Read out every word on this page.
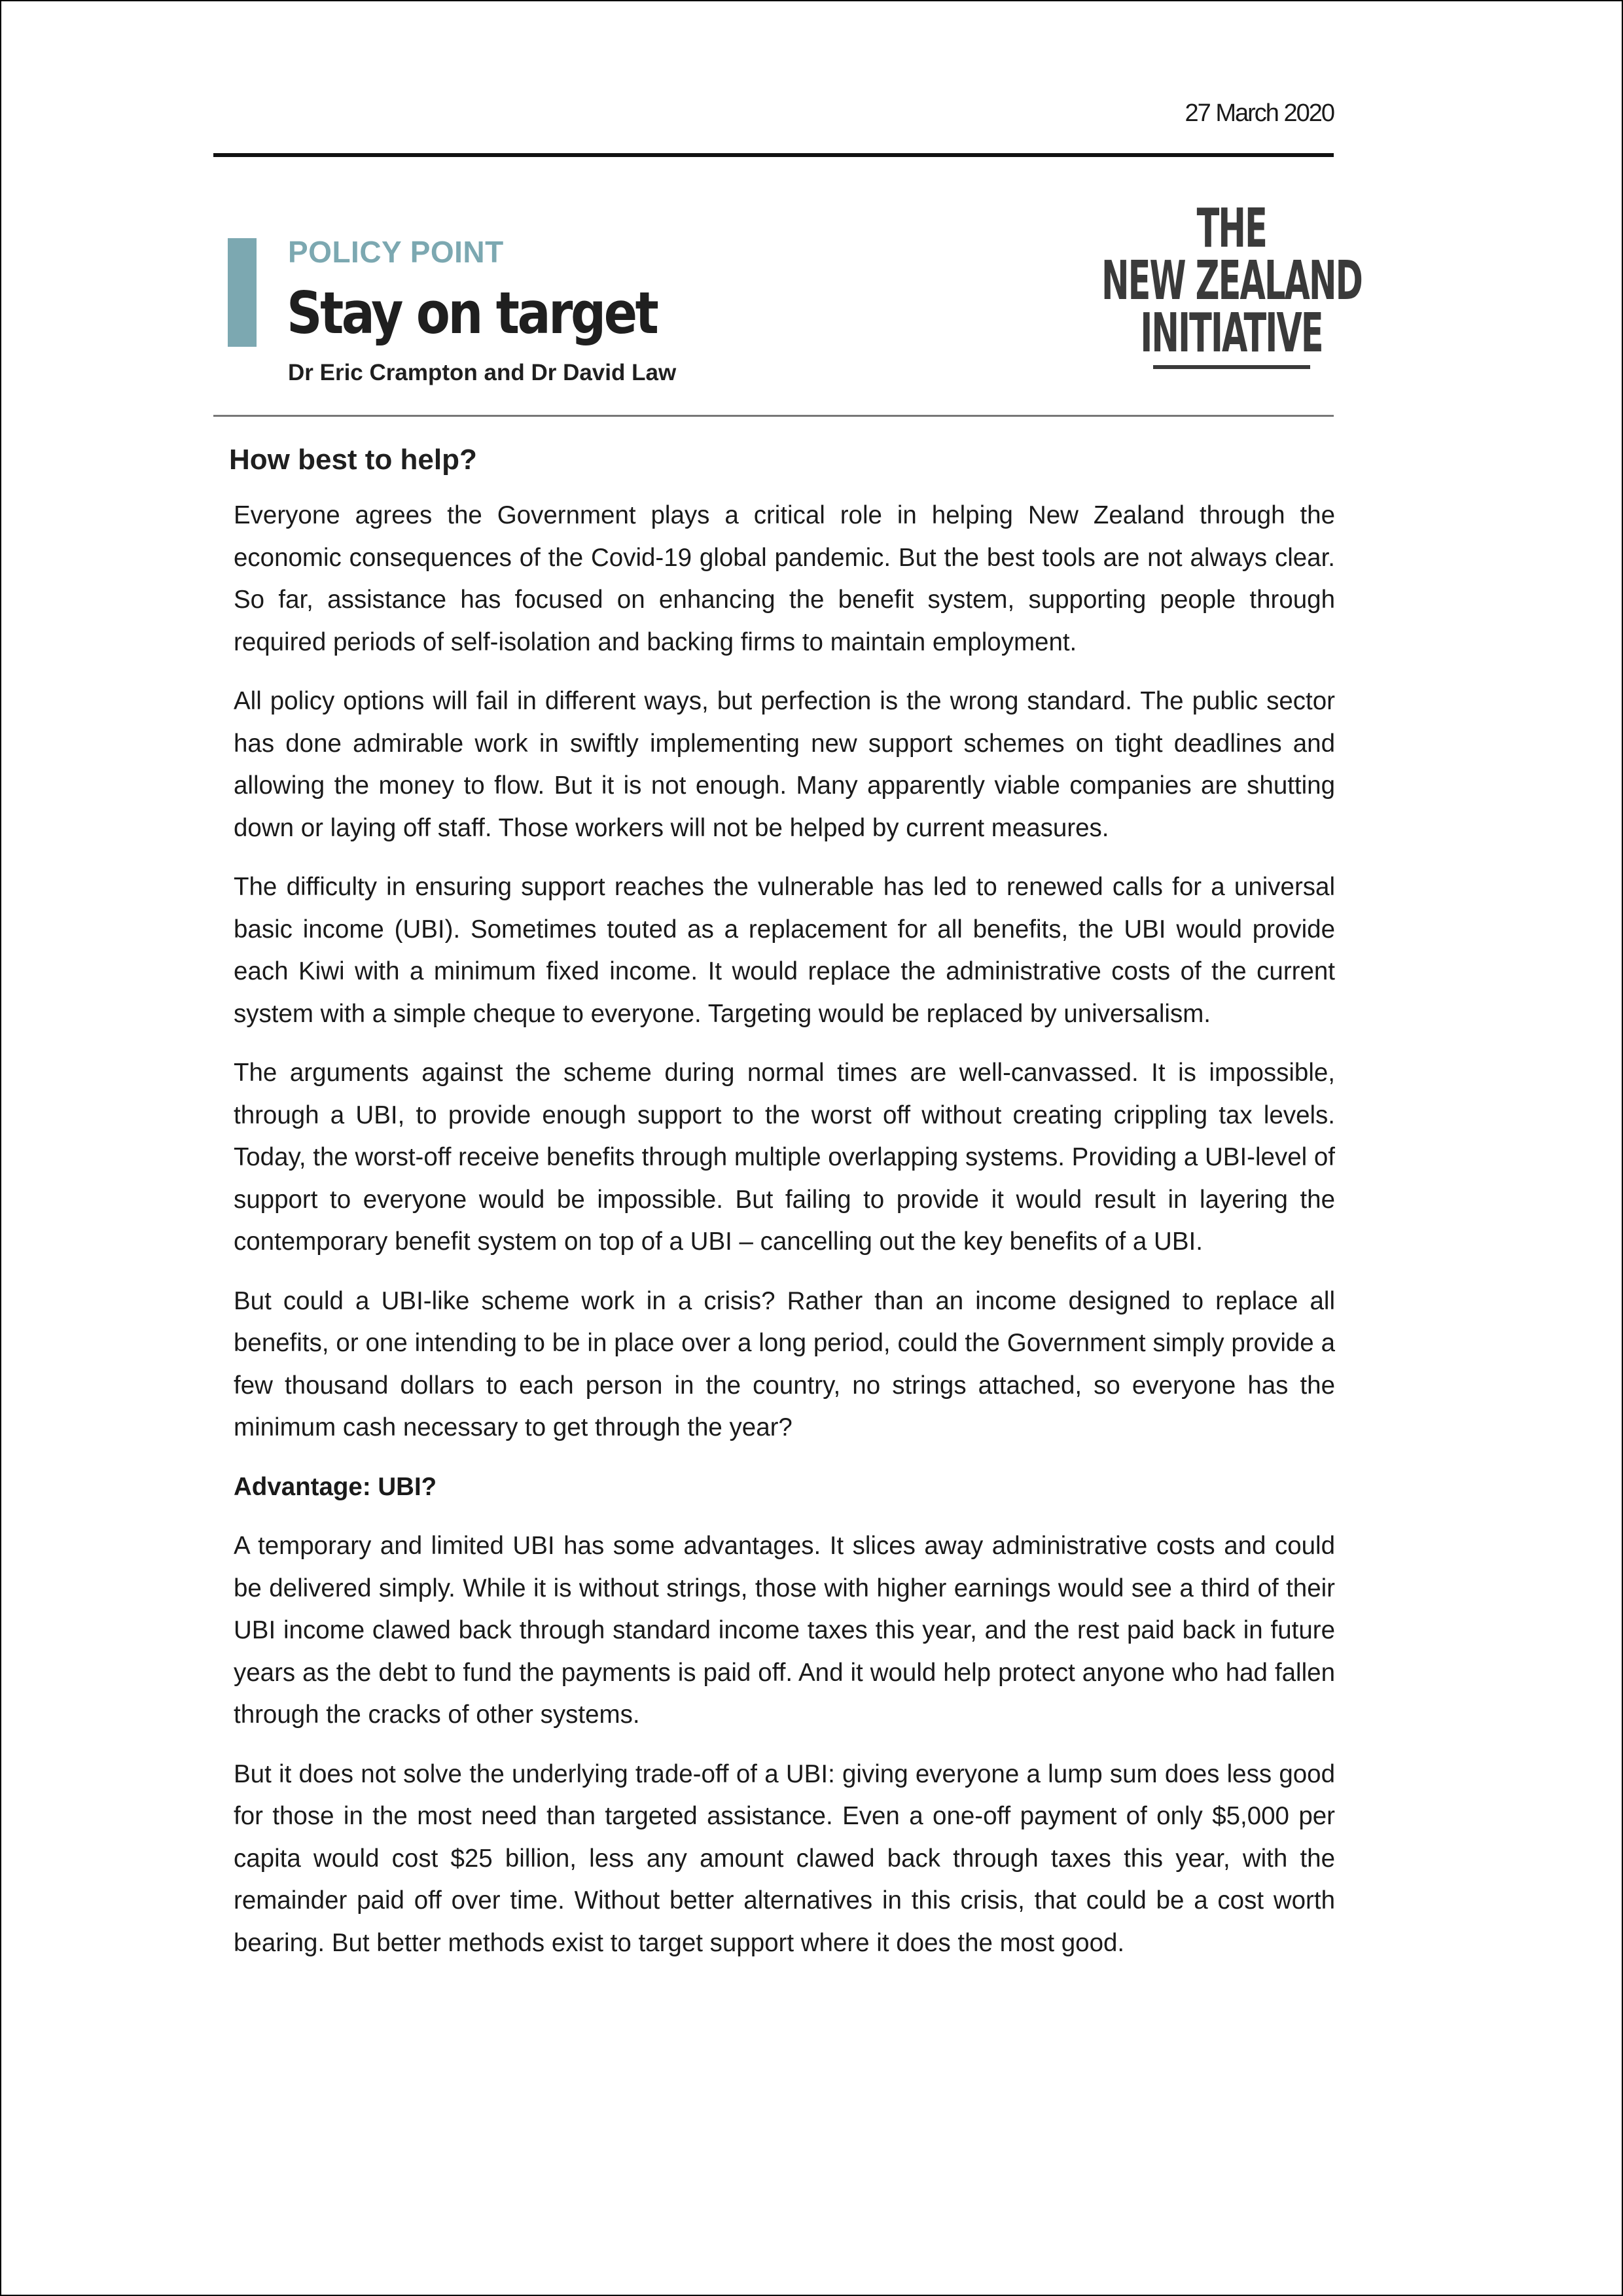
27 March 2020
POLICY POINT
Stay on target
Dr Eric Crampton and Dr David Law
THE
NEW ZEALAND
INITIATIVE
How best to help?

Everyone agrees the Government plays a critical role in helping New Zealand through the economic consequences of the Covid-19 global pandemic. But the best tools are not always clear. So far, assistance has focused on enhancing the benefit system, supporting people through required periods of self-isolation and backing firms to maintain employment.

All policy options will fail in different ways, but perfection is the wrong standard. The public sector has done admirable work in swiftly implementing new support schemes on tight deadlines and allowing the money to flow. But it is not enough. Many apparently viable companies are shutting down or laying off staff. Those workers will not be helped by current measures.

The difficulty in ensuring support reaches the vulnerable has led to renewed calls for a universal basic income (UBI). Sometimes touted as a replacement for all benefits, the UBI would provide each Kiwi with a minimum fixed income. It would replace the administrative costs of the current system with a simple cheque to everyone. Targeting would be replaced by universalism.

The arguments against the scheme during normal times are well-canvassed. It is impossible, through a UBI, to provide enough support to the worst off without creating crippling tax levels. Today, the worst-off receive benefits through multiple overlapping systems. Providing a UBI-level of support to everyone would be impossible. But failing to provide it would result in layering the contemporary benefit system on top of a UBI – cancelling out the key benefits of a UBI.

But could a UBI-like scheme work in a crisis? Rather than an income designed to replace all benefits, or one intending to be in place over a long period, could the Government simply provide a few thousand dollars to each person in the country, no strings attached, so everyone has the minimum cash necessary to get through the year?

Advantage: UBI?

A temporary and limited UBI has some advantages. It slices away administrative costs and could be delivered simply. While it is without strings, those with higher earnings would see a third of their UBI income clawed back through standard income taxes this year, and the rest paid back in future years as the debt to fund the payments is paid off. And it would help protect anyone who had fallen through the cracks of other systems.

But it does not solve the underlying trade-off of a UBI: giving everyone a lump sum does less good for those in the most need than targeted assistance. Even a one-off payment of only $5,000 per capita would cost $25 billion, less any amount clawed back through taxes this year, with the remainder paid off over time. Without better alternatives in this crisis, that could be a cost worth bearing. But better methods exist to target support where it does the most good.
